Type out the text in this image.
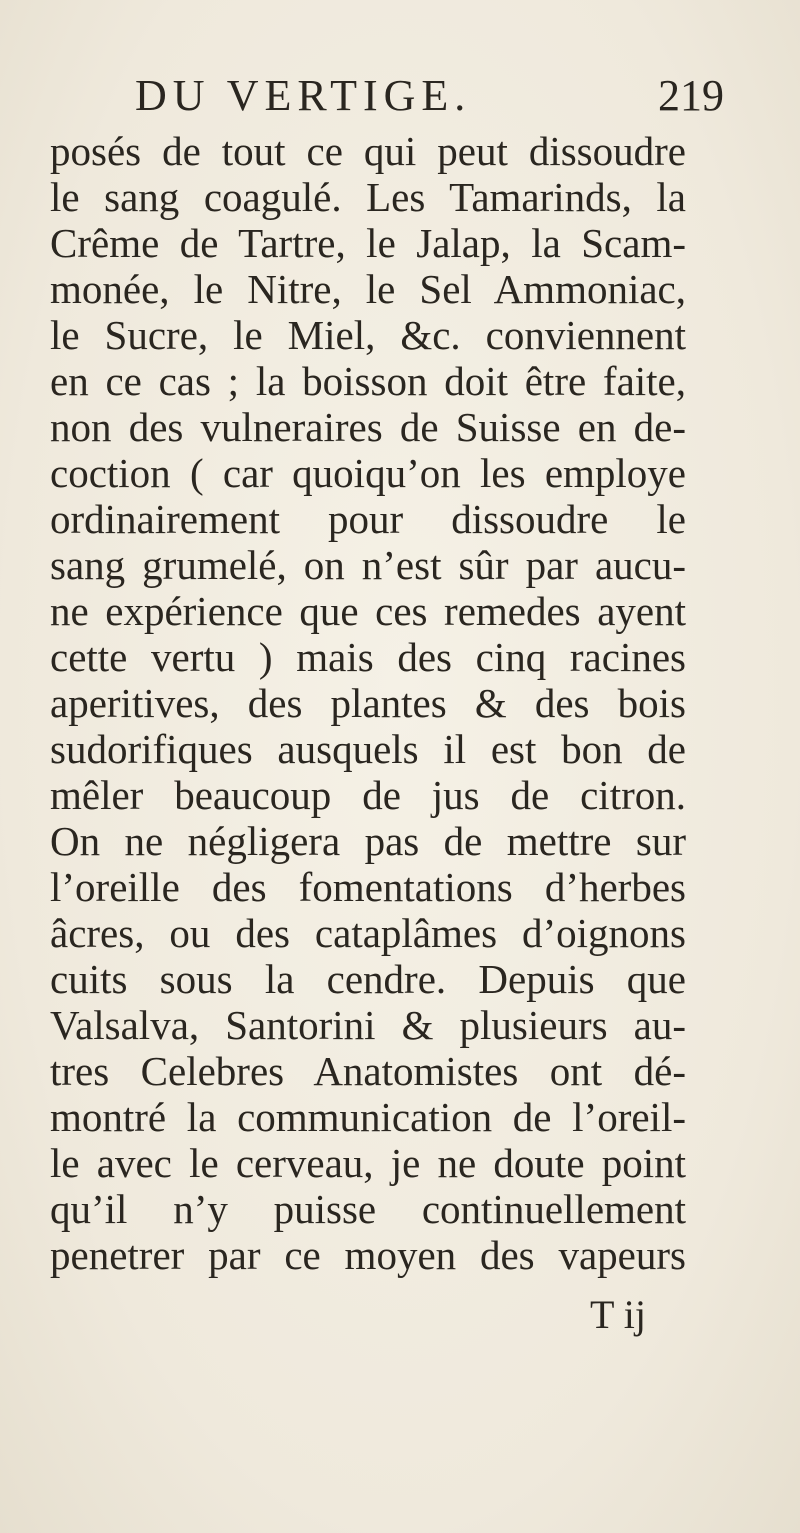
DU VERTIGE.	219
posés de tout ce qui peut dissoudre
le sang coagulé. Les Tamarinds, la
Crême de Tartre, le Jalap, la Scam-
monée, le Nitre, le Sel Ammoniac,
le Sucre, le Miel, &c. conviennent
en ce cas ; la boisson doit être faite,
non des vulneraires de Suisse en de-
coction ( car quoiqu’on les employe
ordinairement pour dissoudre le
sang grumelé, on n’est sûr par aucu-
ne expérience que ces remedes ayent
cette vertu ) mais des cinq racines
aperitives, des plantes & des bois
sudorifiques ausquels il est bon de
mêler beaucoup de jus de citron.
On ne négligera pas de mettre sur
l’oreille des fomentations d’herbes
âcres, ou des cataplâmes d’oignons
cuits sous la cendre. Depuis que
Valsalva, Santorini & plusieurs au-
tres Celebres Anatomistes ont dé-
montré la communication de l’oreil-
le avec le cerveau, je ne doute point
qu’il n’y puisse continuellement
penetrer par ce moyen des vapeurs
T ij
